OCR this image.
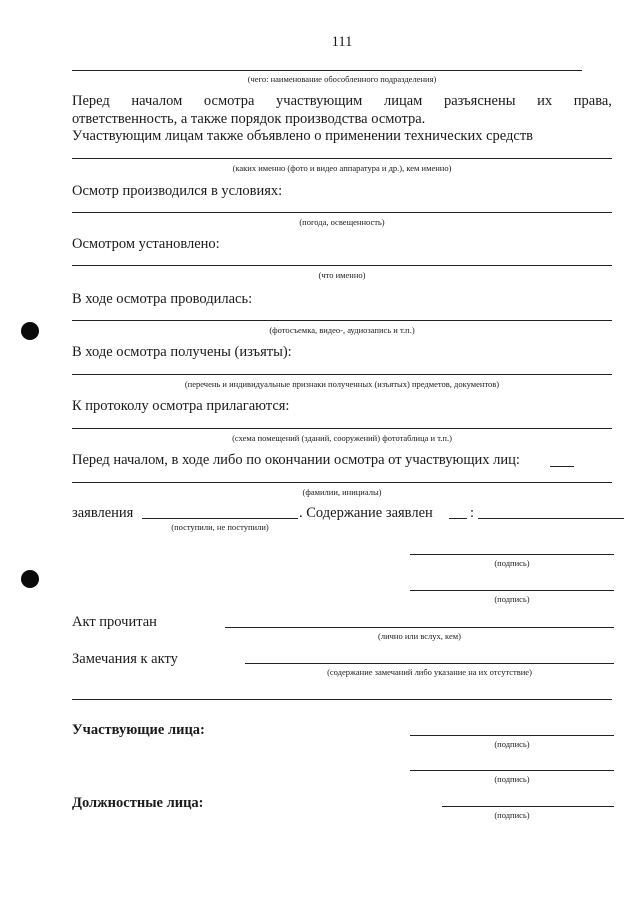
111
(чего: наименование обособленного подразделения)
Перед началом осмотра участвующим лицам разъяснены их права,
ответственность, а также порядок производства осмотра.
Участвующим лицам также объявлено о применении технических средств
(каких именно (фото и видео аппаратура и др.), кем именно)
Осмотр производился в условиях:
(погода, освещенность)
Осмотром установлено:
(что именно)
В ходе осмотра проводилась:
(фотосъемка, видео-, аудиозапись и т.п.)
В ходе осмотра получены (изъяты):
(перечень и индивидуальные признаки полученных (изъятых) предметов, документов)
К протоколу осмотра прилагаются:
(схема помещений (зданий, сооружений) фототаблица и т.п.)
Перед началом, в ходе либо по окончании осмотра от участвующих лиц:
(фамилии, инициалы)
заявления
(поступили, не поступили)
. Содержание заявлен	:
(подпись)
(подпись)
Акт прочитан
(лично или вслух, кем)
Замечания к акту
(содержание замечаний либо указание на их отсутствие)
Участвующие лица:
(подпись)
(подпись)
Должностные лица:
(подпись)
